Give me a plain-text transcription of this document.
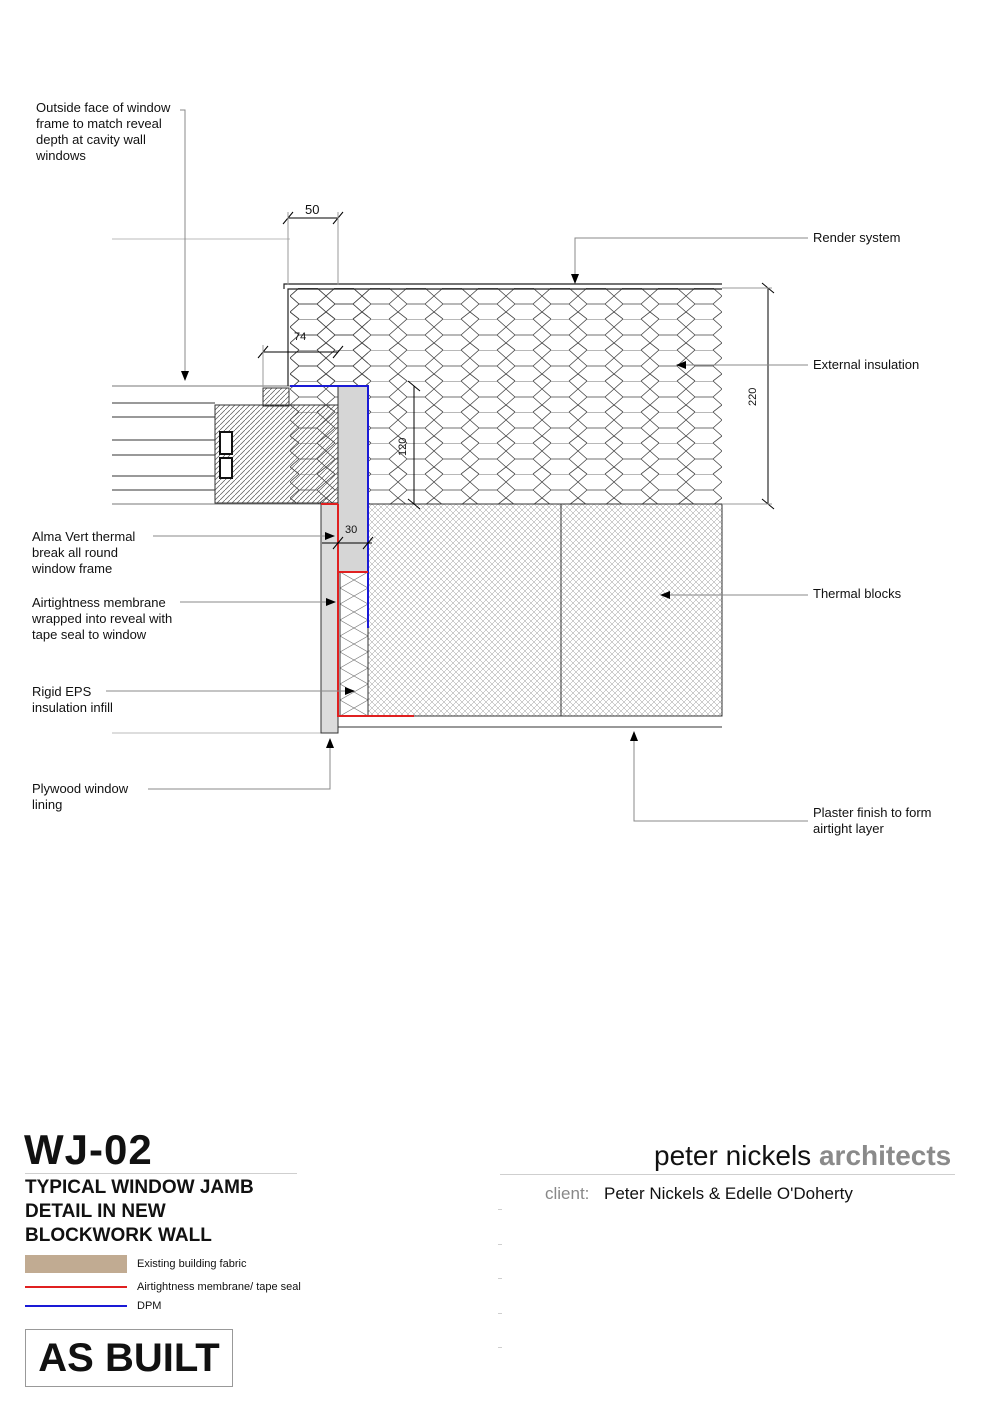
Outside face of window
frame to match reveal
depth at cavity wall
windows
Render system
External insulation
Thermal blocks
Alma Vert thermal
break all round
window frame
Airtightness membrane
wrapped into reveal with
tape seal to window
Rigid EPS
insulation infill
Plywood window
lining
Plaster finish to form
airtight layer
50
74
120
220
30
WJ-02
TYPICAL WINDOW JAMB
DETAIL IN NEW
BLOCKWORK WALL
Existing building fabric
Airtightness membrane/ tape seal
DPM
AS BUILT
peter nickels architects
client: Peter Nickels & Edelle O'Doherty
